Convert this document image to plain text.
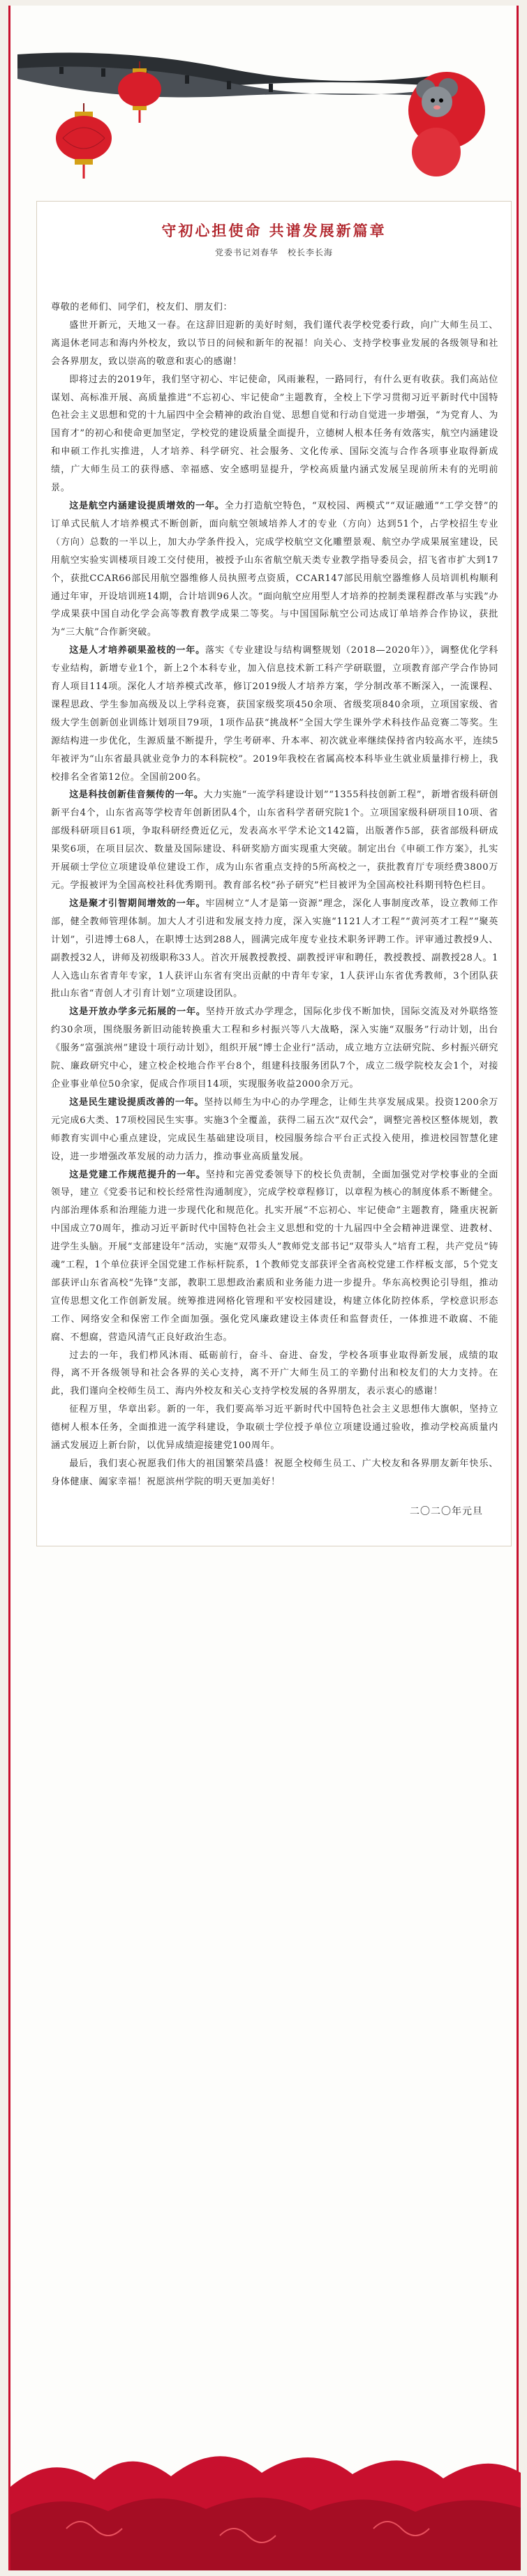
守初心担使命 共谱发展新篇章
党委书记刘春华　校长李长海

尊敬的老师们、同学们，校友们、朋友们：

盛世开新元，天地又一春。在这辞旧迎新的美好时刻，我们谨代表学校党委行政，向广大师生员工、离退休老同志和海内外校友，致以节日的问候和新年的祝福！向关心、支持学校事业发展的各级领导和社会各界朋友，致以崇高的敬意和衷心的感谢！

即将过去的2019年，我们坚守初心、牢记使命，风雨兼程，一路同行，有什么更有收获。我们高站位谋划、高标准开展、高质量推进“不忘初心、牢记使命”主题教育，全校上下学习贯彻习近平新时代中国特色社会主义思想和党的十九届四中全会精神的政治自觉、思想自觉和行动自觉进一步增强，“为党育人、为国育才”的初心和使命更加坚定，学校党的建设质量全面提升，立德树人根本任务有效落实，航空内涵建设和申硕工作扎实推进，人才培养、科学研究、社会服务、文化传承、国际交流与合作各项事业取得新成绩，广大师生员工的获得感、幸福感、安全感明显提升，学校高质量内涵式发展呈现前所未有的光明前景。

这是航空内涵建设提质增效的一年。全力打造航空特色，“双校园、两模式”“双证融通”“工学交替”的订单式民航人才培养模式不断创新，面向航空领域培养人才的专业（方向）达到51个，占学校招生专业（方向）总数的一半以上，加大办学条件投入，完成学校航空文化雕塑景观、航空办学成果展室建设，民用航空实验实训楼项目竣工交付使用，被授予山东省航空航天类专业教学指导委员会，招飞省市扩大到17个，获批CCAR66部民用航空器维修人员执照考点资质，CCAR147部民用航空器维修人员培训机构顺利通过年审，开设培训班14期，合计培训96人次。“面向航空应用型人才培养的控制类课程群改革与实践”办学成果获中国自动化学会高等教育教学成果二等奖。与中国国际航空公司达成订单培养合作协议，获批为“三大航”合作新突破。

这是人才培养硕果盈枝的一年。落实《专业建设与结构调整规划（2018—2020年）》，调整优化学科专业结构，新增专业1个，新上2个本科专业，加入信息技术新工科产学研联盟，立项教育部产学合作协同育人项目114项。深化人才培养模式改革，修订2019级人才培养方案，学分制改革不断深入，一流课程、课程思政、学生参加高级及以上学科竞赛，获国家级奖项450余项、省级奖项840余项，立项国家级、省级大学生创新创业训练计划项目79项，1项作品获“挑战杯”全国大学生课外学术科技作品竞赛二等奖。生源结构进一步优化，生源质量不断提升，学生考研率、升本率、初次就业率继续保持省内较高水平，连续5年被评为“山东省最具就业竞争力的本科院校”。2019年我校在省属高校本科毕业生就业质量排行榜上，我校排名全省第12位。全国前200名。

这是科技创新佳音频传的一年。大力实施“一流学科建设计划”“1355科技创新工程”，新增省级科研创新平台4个，山东省高等学校青年创新团队4个，山东省科学者研究院1个。立项国家级科研项目10项、省部级科研项目61项，争取科研经费近亿元，发表高水平学术论文142篇，出版著作5部，获省部级科研成果奖6项，在项目层次、数量及国际建设、科研奖励方面实现重大突破。制定出台《申硕工作方案》，扎实开展硕士学位立项建设单位建设工作，成为山东省重点支持的5所高校之一，获批教育厅专项经费3800万元。学报被评为全国高校社科优秀期刊。教育部名校“孙子研究”栏目被评为全国高校社科期刊特色栏目。

这是聚才引智期间增效的一年。牢固树立“人才是第一资源”理念，深化人事制度改革，设立教师工作部，健全教师管理体制。加大人才引进和发展支持力度，深入实施“1121人才工程”“黄河英才工程”“聚英计划”，引进博士68人，在职博士达到288人，圆满完成年度专业技术职务评聘工作。评审通过教授9人、副教授32人，讲师及初级职称33人。首次开展教授教授、副教授评审和聘任，教授教授、副教授28人。1人入选山东省青年专家，1人获评山东省有突出贡献的中青年专家，1人获评山东省优秀教师，3个团队获批山东省“青创人才引育计划”立项建设团队。

这是开放办学多元拓展的一年。坚持开放式办学理念，国际化步伐不断加快，国际交流及对外联络签约30余项，围绕服务新旧动能转换重大工程和乡村振兴等八大战略，深入实施“双服务”行动计划，出台《服务“富强滨州”建设十项行动计划》，组织开展“博士企业行”活动，成立地方立法研究院、乡村振兴研究院、廉政研究中心，建立校企校地合作平台8个，组建科技服务团队7个，成立二级学院校友会1个，对接企业事业单位50余家，促成合作项目14项，实现服务收益2000余万元。

这是民生建设提质改善的一年。坚持以师生为中心的办学理念，让师生共享发展成果。投资1200余万元完成6大类、17项校园民生实事。实施3个全覆盖，获得二届五次“双代会”，调整完善校区整体规划，教师教育实训中心重点建设，完成民生基础建设项目，校园服务综合平台正式投入使用，推进校园智慧化建设，进一步增强改革发展的动力活力，推动事业高质量发展。

这是党建工作规范提升的一年。坚持和完善党委领导下的校长负责制，全面加强党对学校事业的全面领导，建立《党委书记和校长经常性沟通制度》，完成学校章程修订，以章程为核心的制度体系不断健全。内部治理体系和治理能力进一步现代化和规范化。扎实开展“不忘初心、牢记使命”主题教育，隆重庆祝新中国成立70周年，推动习近平新时代中国特色社会主义思想和党的十九届四中全会精神进课堂、进教材、进学生头脑。开展“支部建设年”活动，实施“双带头人”教师党支部书记“双带头人”培育工程，共产党员“铸魂”工程，1个单位获评全国党建工作标杆院系，1个教师党支部获评全省高校党建工作样板支部，5个党支部获评山东省高校“先锋”支部，教职工思想政治素质和业务能力进一步提升。华东高校舆论引导组，推动宣传思想文化工作创新发展。统筹推进网格化管理和平安校园建设，构建立体化防控体系，学校意识形态工作、网络安全和保密工作全面加强。强化党风廉政建设主体责任和监督责任，一体推进不敢腐、不能腐、不想腐，营造风清气正良好政治生态。

过去的一年，我们栉风沐雨、砥砺前行，奋斗、奋进、奋发，学校各项事业取得新发展，成绩的取得，离不开各级领导和社会各界的关心支持，离不开广大师生员工的辛勤付出和校友们的大力支持。在此，我们谨向全校师生员工、海内外校友和关心支持学校发展的各界朋友，表示衷心的感谢！

征程万里，华章出彩。新的一年，我们要高举习近平新时代中国特色社会主义思想伟大旗帜，坚持立德树人根本任务，全面推进一流学科建设，争取硕士学位授予单位立项建设通过验收，推动学校高质量内涵式发展迈上新台阶，以优异成绩迎接建党100周年。

最后，我们衷心祝愿我们伟大的祖国繁荣昌盛！祝愿全校师生员工、广大校友和各界朋友新年快乐、身体健康、阖家幸福！祝愿滨州学院的明天更加美好！

二〇二〇年元旦
